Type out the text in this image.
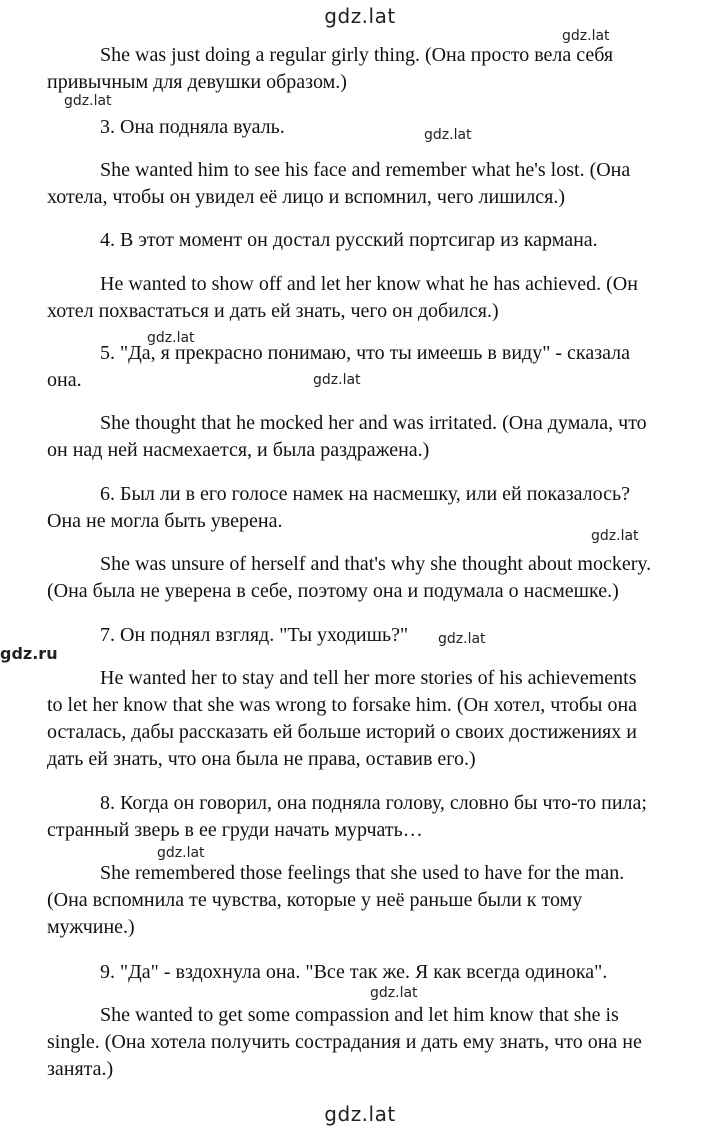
gdz.lat
gdz.lat
gdz.lat
gdz.lat
gdz.lat
gdz.lat
gdz.lat
gdz.lat
gdz.lat
gdz.lat
gdz.ru
She was just doing a regular girly thing. (Она просто вела себя
привычным для девушки образом.)
3. Она подняла вуаль.
She wanted him to see his face and remember what he's lost. (Она
хотела, чтобы он увидел её лицо и вспомнил, чего лишился.)
4. В этот момент он достал русский портсигар из кармана.
He wanted to show off and let her know what he has achieved. (Он
хотел похвастаться и дать ей знать, чего он добился.)
5. "Да, я прекрасно понимаю, что ты имеешь в виду" - сказала
она.
She thought that he mocked her and was irritated. (Она думала, что
он над ней насмехается, и была раздражена.)
6. Был ли в его голосе намек на насмешку, или ей показалось?
Она не могла быть уверена.
She was unsure of herself and that's why she thought about mockery.
(Она была не уверена в себе, поэтому она и подумала о насмешке.)
7. Он поднял взгляд. "Ты уходишь?"
He wanted her to stay and tell her more stories of his achievements
to let her know that she was wrong to forsake him. (Он хотел, чтобы она
осталась, дабы рассказать ей больше историй о своих достижениях и
дать ей знать, что она была не права, оставив его.)
8. Когда он говорил, она подняла голову, словно бы что-то пила;
странный зверь в ее груди начать мурчать…
She remembered those feelings that she used to have for the man.
(Она вспомнила те чувства, которые у неё раньше были к тому
мужчине.)
9. "Да" - вздохнула она. "Все так же. Я как всегда одинока".
She wanted to get some compassion and let him know that she is
single. (Она хотела получить сострадания и дать ему знать, что она не
занята.)
gdz.lat
